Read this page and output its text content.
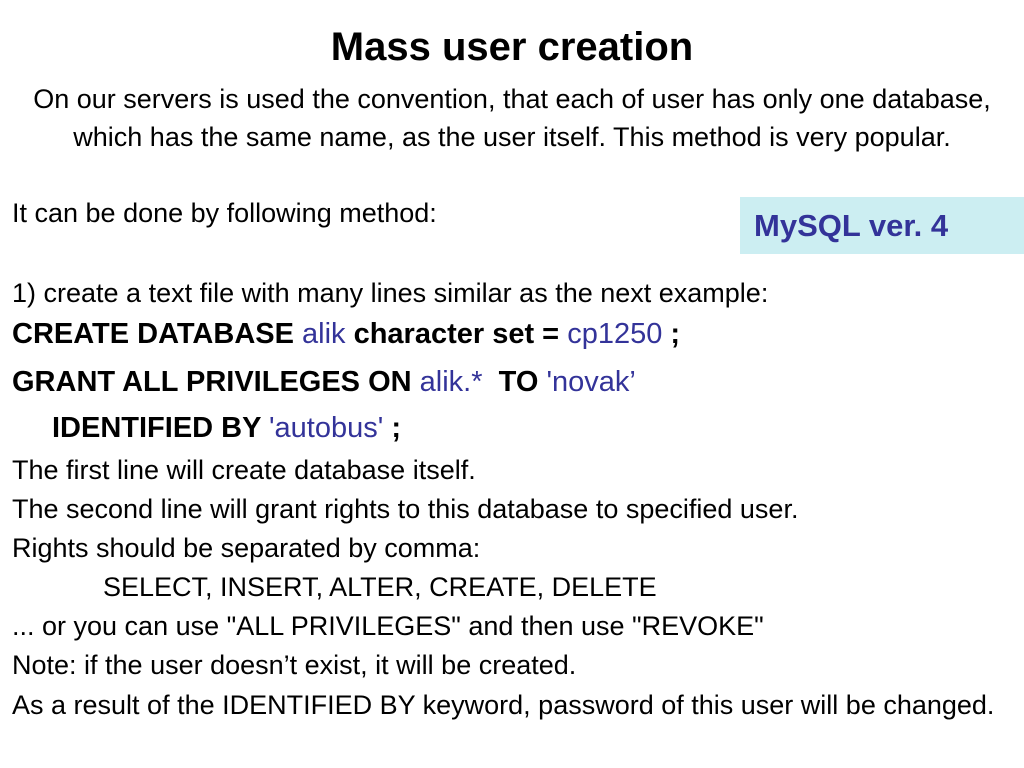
Mass user creation
On our servers is used the convention, that each of user has only one database, which has the same name, as the user itself. This method is very popular.
It can be done by following method:	MySQL ver. 4
1) create a text file with many lines similar as the next example:
CREATE DATABASE alik character set = cp1250 ;
GRANT ALL PRIVILEGES ON alik.*  TO 'novak’
IDENTIFIED BY 'autobus' ;
The first line will create database itself.
The second line will grant rights to this database to specified user.
Rights should be separated by comma:
SELECT, INSERT, ALTER, CREATE, DELETE
... or you can use "ALL PRIVILEGES" and then use "REVOKE"
Note: if the user doesn’t exist, it will be created.
As a result of the IDENTIFIED BY keyword, password of this user will be changed.
